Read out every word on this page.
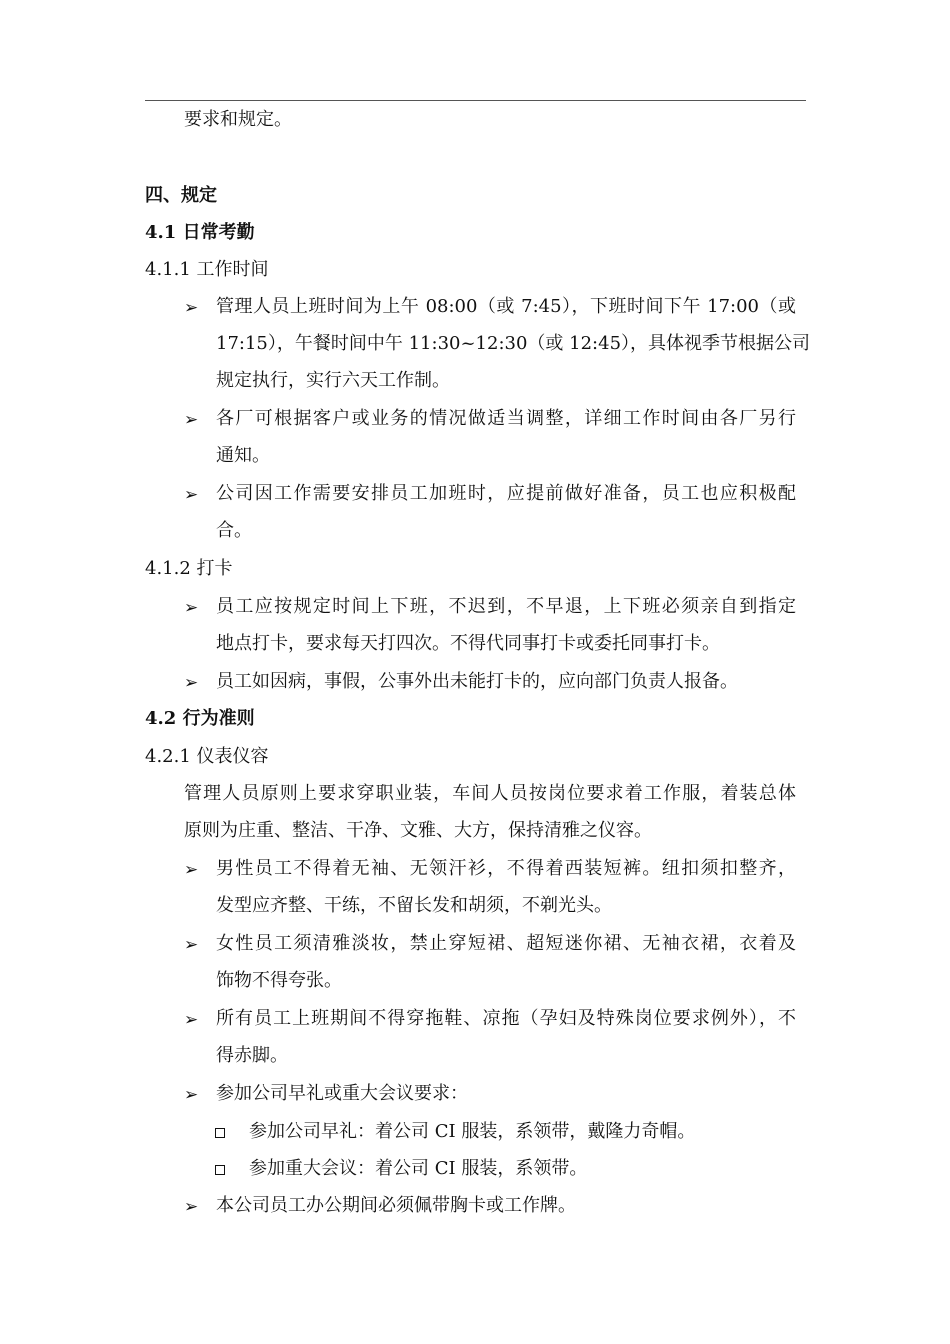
要求和规定。
四、规定
4.1 日常考勤
4.1.1 工作时间
➢ 管理人员上班时间为上午 08:00（或 7:45），下班时间下午 17:00（或
17:15），午餐时间中午 11:30~12:30（或 12:45），具体视季节根据公司
规定执行，实行六天工作制。
➢ 各厂可根据客户或业务的情况做适当调整，详细工作时间由各厂另行
通知。
➢ 公司因工作需要安排员工加班时，应提前做好准备，员工也应积极配
合。
4.1.2 打卡
➢ 员工应按规定时间上下班，不迟到，不早退，上下班必须亲自到指定
地点打卡，要求每天打四次。不得代同事打卡或委托同事打卡。
➢ 员工如因病，事假，公事外出未能打卡的，应向部门负责人报备。
4.2 行为准则
4.2.1 仪表仪容
管理人员原则上要求穿职业装，车间人员按岗位要求着工作服，着装总体
原则为庄重、整洁、干净、文雅、大方，保持清雅之仪容。
➢ 男性员工不得着无袖、无领汗衫，不得着西装短裤。纽扣须扣整齐，
发型应齐整、干练，不留长发和胡须，不剃光头。
➢ 女性员工须清雅淡妆，禁止穿短裙、超短迷你裙、无袖衣裙，衣着及
饰物不得夸张。
➢ 所有员工上班期间不得穿拖鞋、凉拖（孕妇及特殊岗位要求例外），不
得赤脚。
➢ 参加公司早礼或重大会议要求：
参加公司早礼：着公司 CI 服装，系领带，戴隆力奇帽。
参加重大会议：着公司 CI 服装，系领带。
➢ 本公司员工办公期间必须佩带胸卡或工作牌。
